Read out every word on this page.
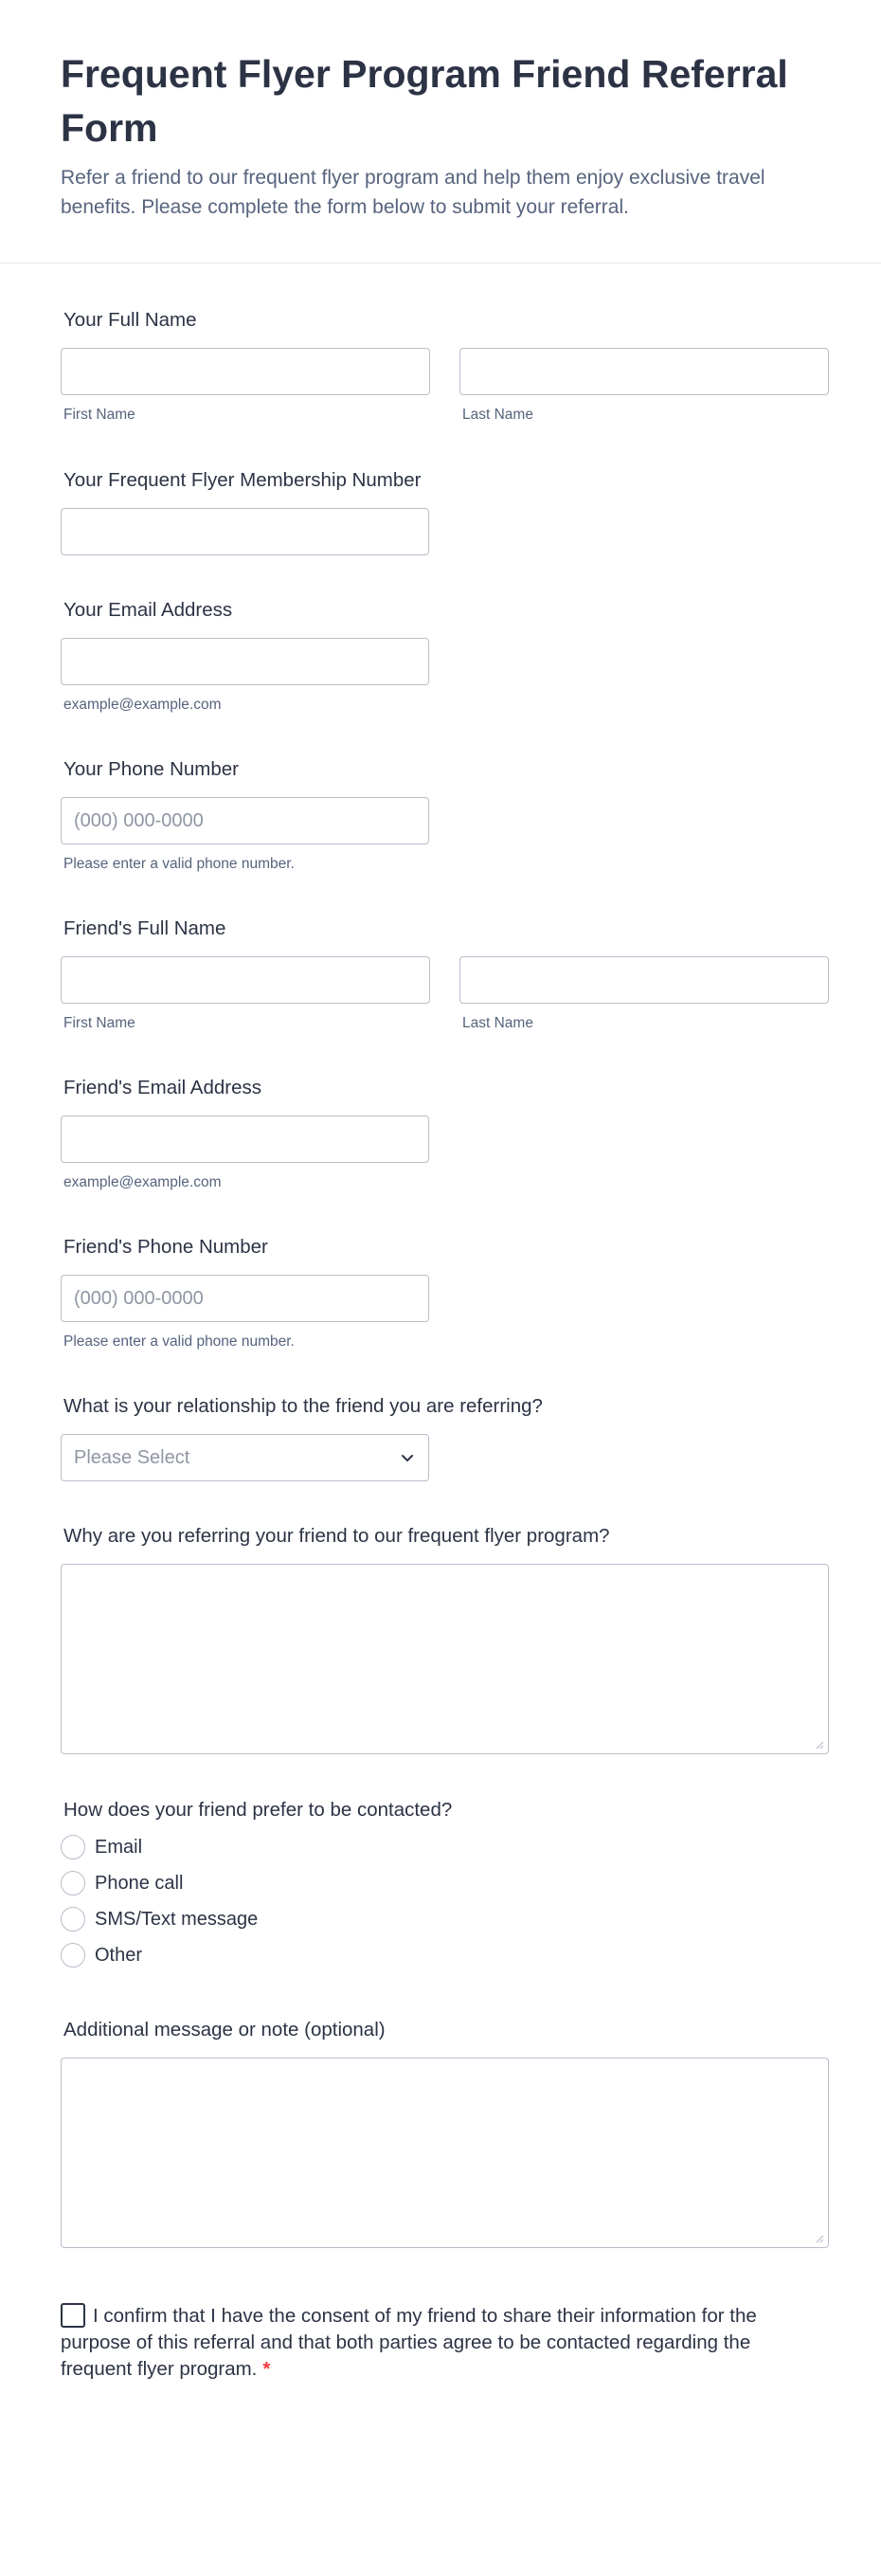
Frequent Flyer Program Friend Referral Form

Refer a friend to our frequent flyer program and help them enjoy exclusive travel benefits. Please complete the form below to submit your referral.

Your Full Name
First Name	Last Name
Your Frequent Flyer Membership Number
Your Email Address
example@example.com
Your Phone Number
(000) 000-0000
Please enter a valid phone number.
Friend's Full Name
First Name	Last Name
Friend's Email Address
example@example.com
Friend's Phone Number
(000) 000-0000
Please enter a valid phone number.
What is your relationship to the friend you are referring?
Please Select
Why are you referring your friend to our frequent flyer program?
How does your friend prefer to be contacted?
Email
Phone call
SMS/Text message
Other
Additional message or note (optional)
I confirm that I have the consent of my friend to share their information for the purpose of this referral and that both parties agree to be contacted regarding the frequent flyer program. *
